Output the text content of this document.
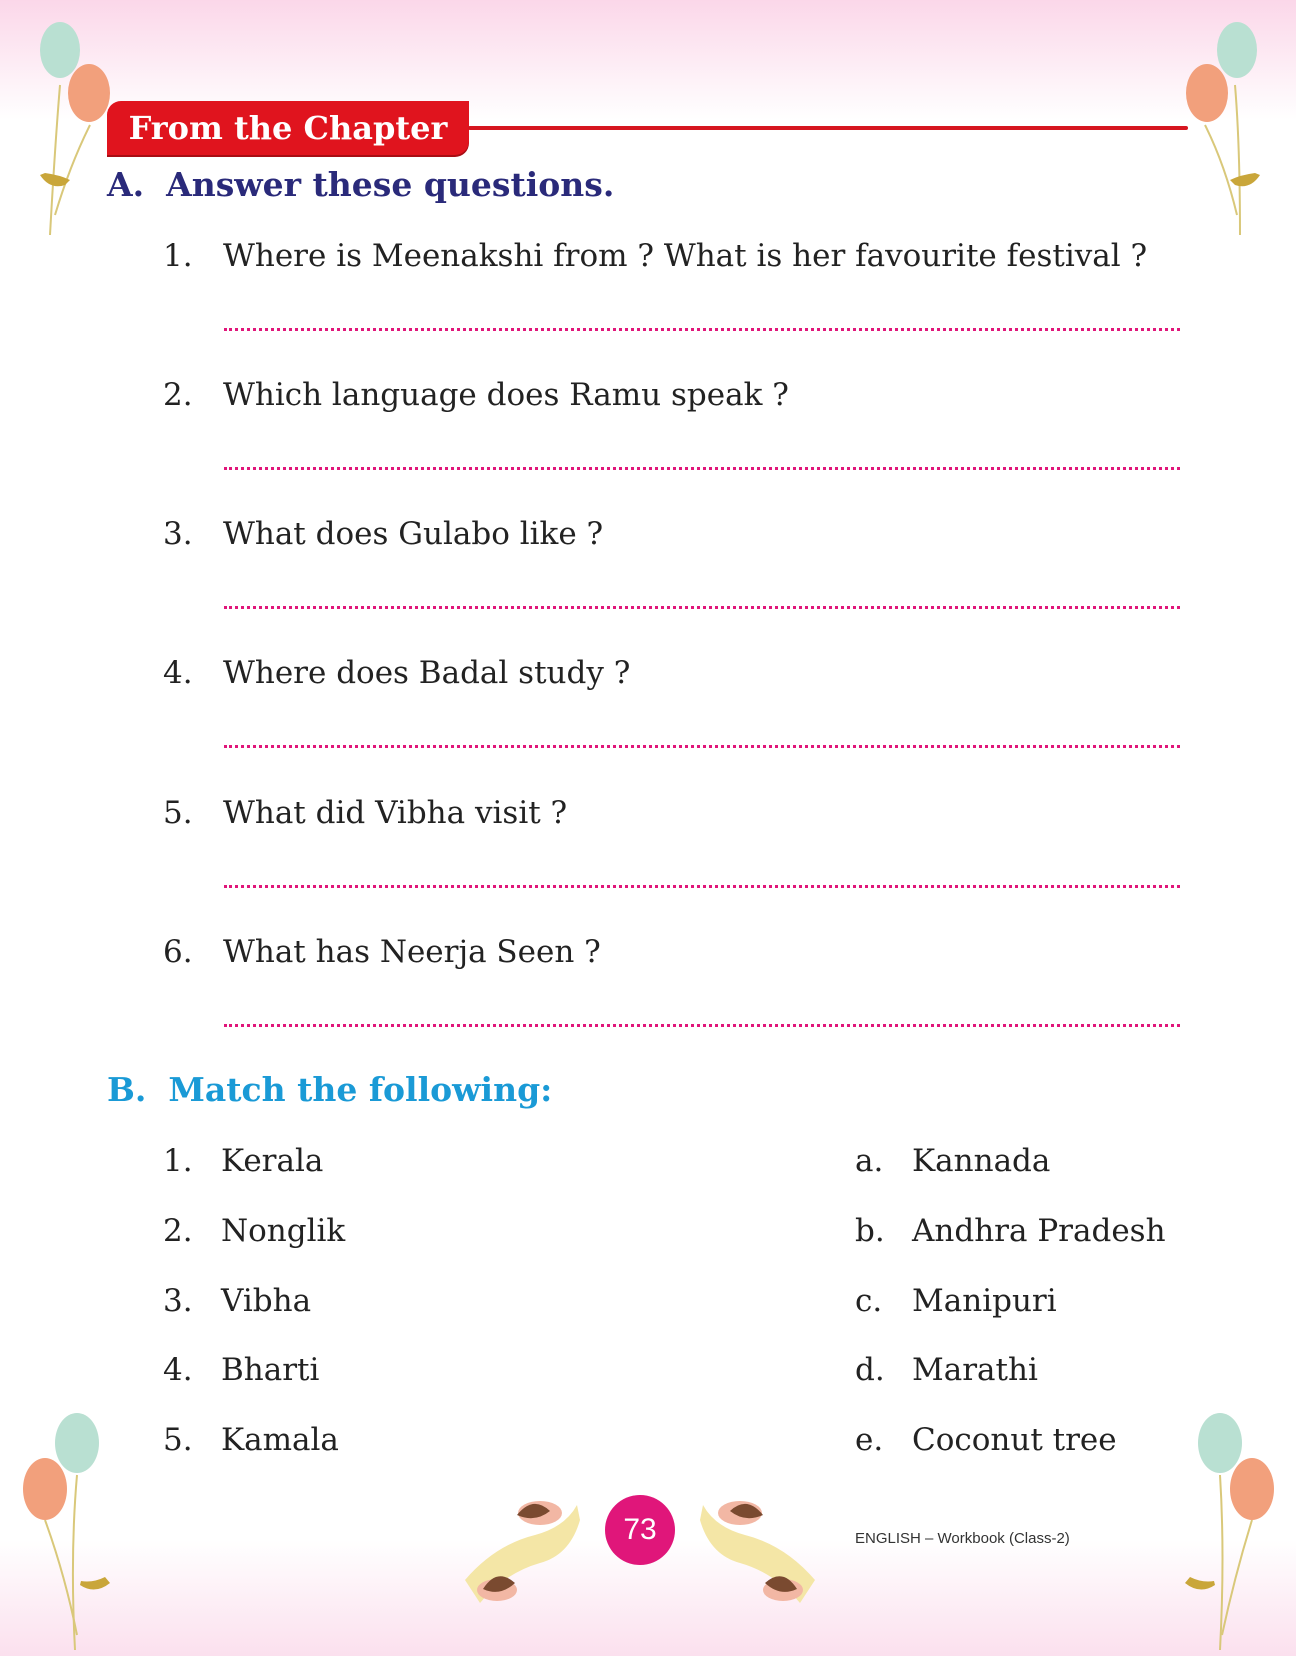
From the Chapter
A. Answer these questions.
1. Where is Meenakshi from ? What is her favourite festival ?
2. Which language does Ramu speak ?
3. What does Gulabo like ?
4. Where does Badal study ?
5. What did Vibha visit ?
6. What has Neerja Seen ?
B. Match the following:
1. Kerala
2. Nonglik
3. Vibha
4. Bharti
5. Kamala
a. Kannada
b. Andhra Pradesh
c. Manipuri
d. Marathi
e. Coconut tree
73	ENGLISH – Workbook (Class-2)
